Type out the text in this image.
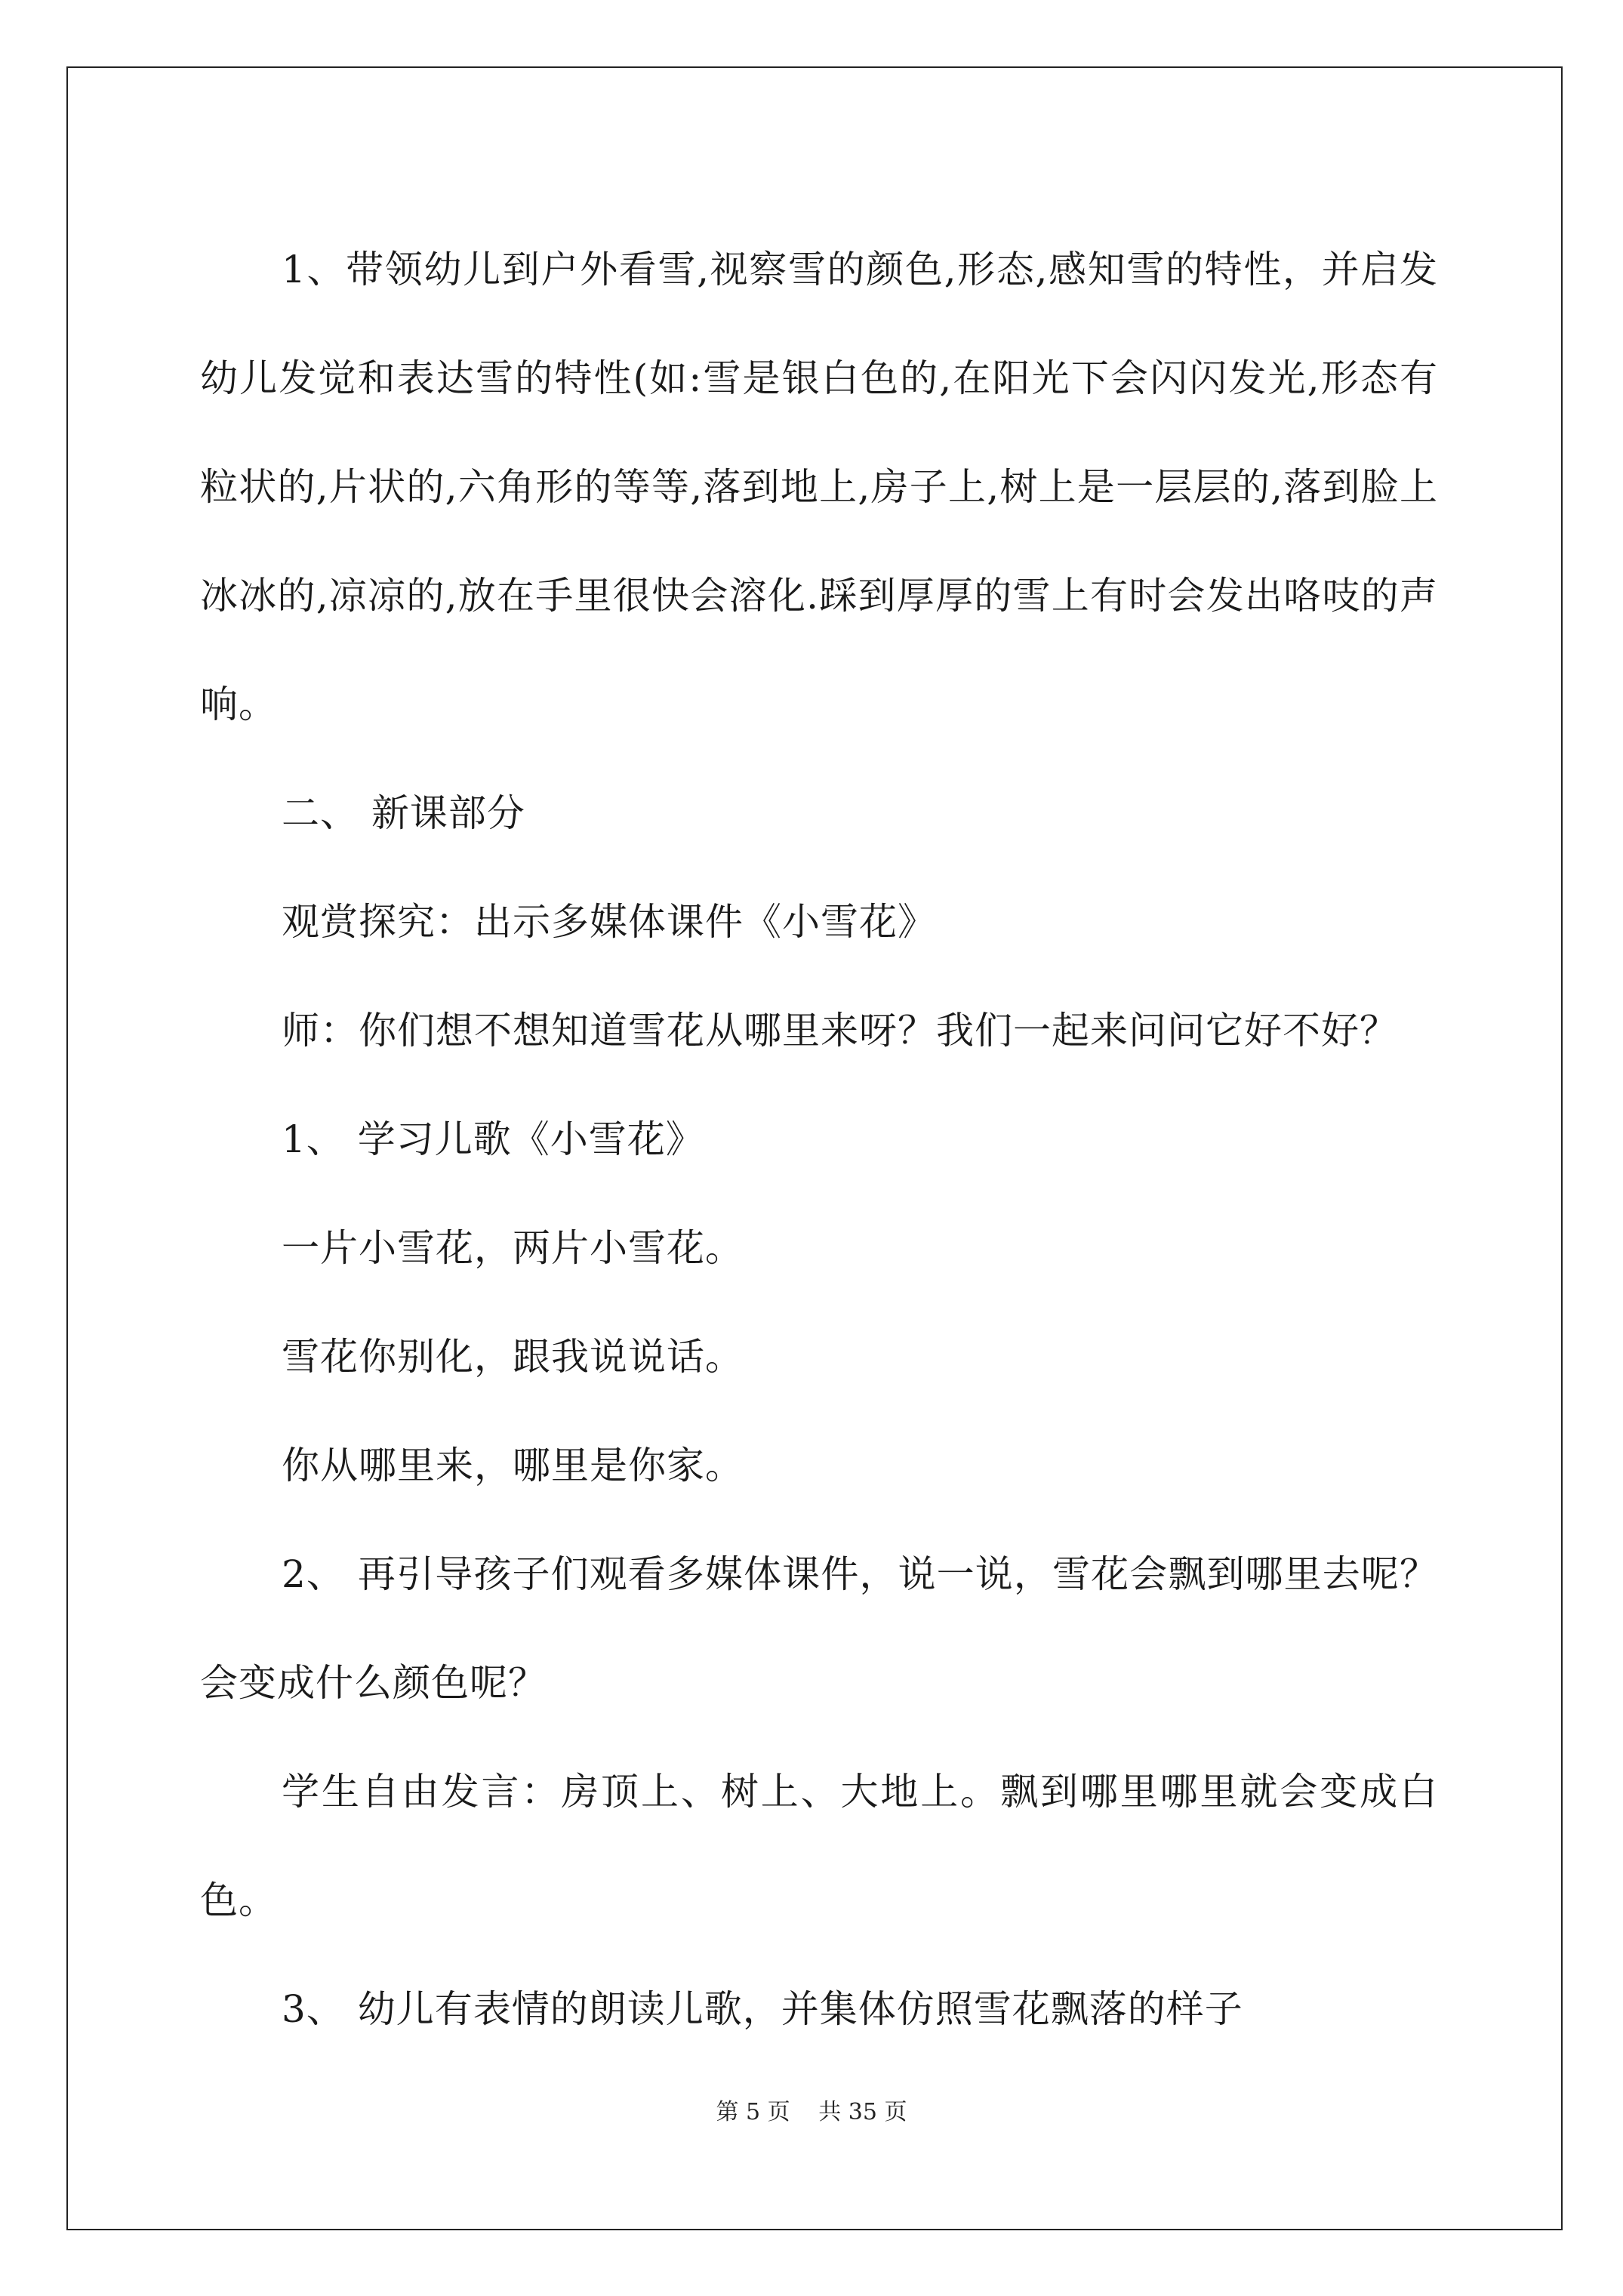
1、带领幼儿到户外看雪,视察雪的颜色,形态,感知雪的特性，并启发幼儿发觉和表达雪的特性(如:雪是银白色的,在阳光下会闪闪发光,形态有粒状的,片状的,六角形的等等,落到地上,房子上,树上是一层层的,落到脸上冰冰的,凉凉的,放在手里很快会溶化.踩到厚厚的雪上有时会发出咯吱的声响。

二、 新课部分

观赏探究：出示多媒体课件《小雪花》

师：你们想不想知道雪花从哪里来呀？我们一起来问问它好不好？

1、 学习儿歌《小雪花》

一片小雪花，两片小雪花。

雪花你别化，跟我说说话。

你从哪里来，哪里是你家。

2、 再引导孩子们观看多媒体课件，说一说，雪花会飘到哪里去呢？会变成什么颜色呢？

学生自由发言：房顶上、树上、大地上。飘到哪里哪里就会变成白色。

3、 幼儿有表情的朗读儿歌，并集体仿照雪花飘落的样子

第 5 页 共 35 页
